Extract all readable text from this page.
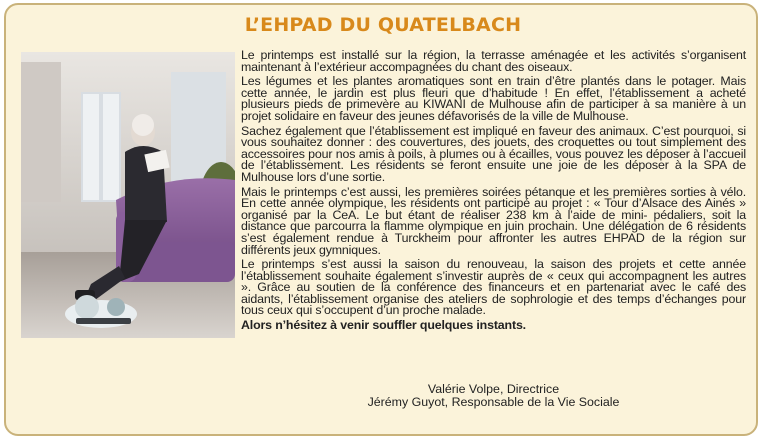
L’EHPAD DU QUATELBACH

Le printemps est installé sur la région, la terrasse aménagée et les activités s’organisent maintenant à l’extérieur accompagnées du chant des oiseaux.

Les légumes et les plantes aromatiques sont en train d’être plantés dans le potager. Mais cette année, le jardin est plus fleuri que d’habitude ! En effet, l’établissement a acheté plusieurs pieds de primevère au KIWANI de Mulhouse afin de participer à sa manière à un projet solidaire en faveur des jeunes défavorisés de la ville de Mulhouse.

Sachez également que l’établissement est impliqué en faveur des animaux. C’est pourquoi, si vous souhaitez donner : des couvertures, des jouets, des croquettes ou tout simplement des accessoires pour nos amis à poils, à plumes ou à écailles, vous pouvez les déposer à l’accueil de l’établissement. Les résidents se feront ensuite une joie de les déposer à la SPA de Mulhouse lors d’une sortie.

Mais le printemps c’est aussi, les premières soirées pétanque et les premières sorties à vélo. En cette année olympique, les résidents ont participé au projet : « Tour d’Alsace des Ainés » organisé par la CeA. Le but étant de réaliser 238 km à l’aide de mini- pédaliers, soit la distance que parcourra la flamme olympique en juin prochain. Une délégation de 6 résidents s’est également rendue à Turckheim pour affronter les autres EHPAD de la région sur différents jeux gymniques.

Le printemps s’est aussi la saison du renouveau, la saison des projets et cette année l’établissement souhaite également s’investir auprès de « ceux qui accompagnent les autres ». Grâce au soutien de la conférence des financeurs et en partenariat avec le café des aidants, l’établissement organise des ateliers de sophrologie et des temps d’échanges pour tous ceux qui s’occupent d’un proche malade.

Alors n’hésitez à venir souffler quelques instants.
Valérie Volpe, Directrice
Jérémy Guyot, Responsable de la Vie Sociale
